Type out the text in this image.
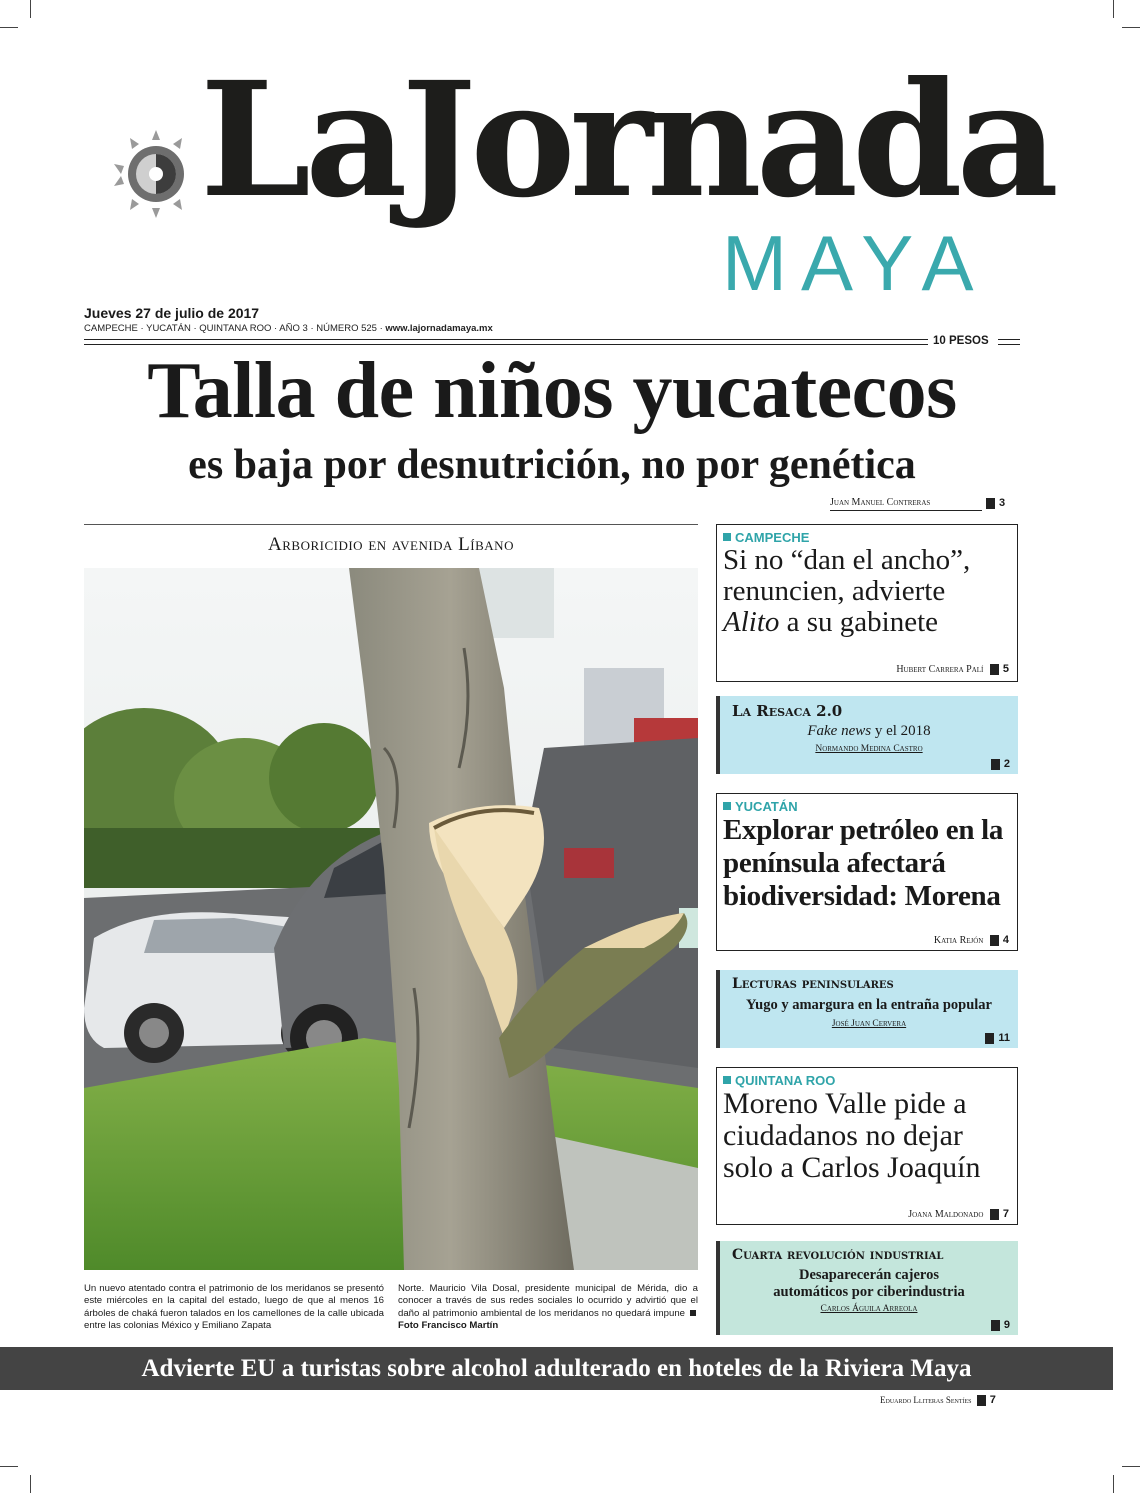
LaJornada
MAYA
Jueves 27 de julio de 2017
CAMPECHE · YUCATÁN · QUINTANA ROO · AÑO 3 · NÚMERO 525 · www.lajornadamaya.mx
10 PESOS
Talla de niños yucatecos
es baja por desnutrición, no por genética
Juan Manuel Contreras	3
Arboricidio en avenida Líbano
Un nuevo atentado contra el patrimonio de los meridanos se presentó este miércoles en la capital del estado, luego de que al menos 16 árboles de chaká fueron talados en los camellones de la calle ubicada entre las colonias México y Emiliano Zapata
Norte. Mauricio Vila Dosal, presidente municipal de Mérida, dio a conocer a través de sus redes sociales lo ocurrido y advirtió que el daño al patrimonio ambiental de los meridanos no quedará impune Foto Francisco Martín
CAMPECHE
Si no “dan el ancho”,
renuncien, advierte
Alito a su gabinete
Hubert Carrera Palí 5
La Resaca 2.0
Fake news y el 2018
Normando Medina Castro
2
YUCATÁN
Explorar petróleo en la península afectará biodiversidad: Morena
Katia Rejón 4
Lecturas peninsulares
Yugo y amargura en la entraña popular
José Juan Cervera
11
QUINTANA ROO
Moreno Valle pide a ciudadanos no dejar solo a Carlos Joaquín
Joana Maldonado 7
Cuarta revolución industrial
Desaparecerán cajeros automáticos por ciberindustria
Carlos Águila Arreola
9
Advierte EU a turistas sobre alcohol adulterado en hoteles de la Riviera Maya
Eduardo Lliteras Sentíes 7
